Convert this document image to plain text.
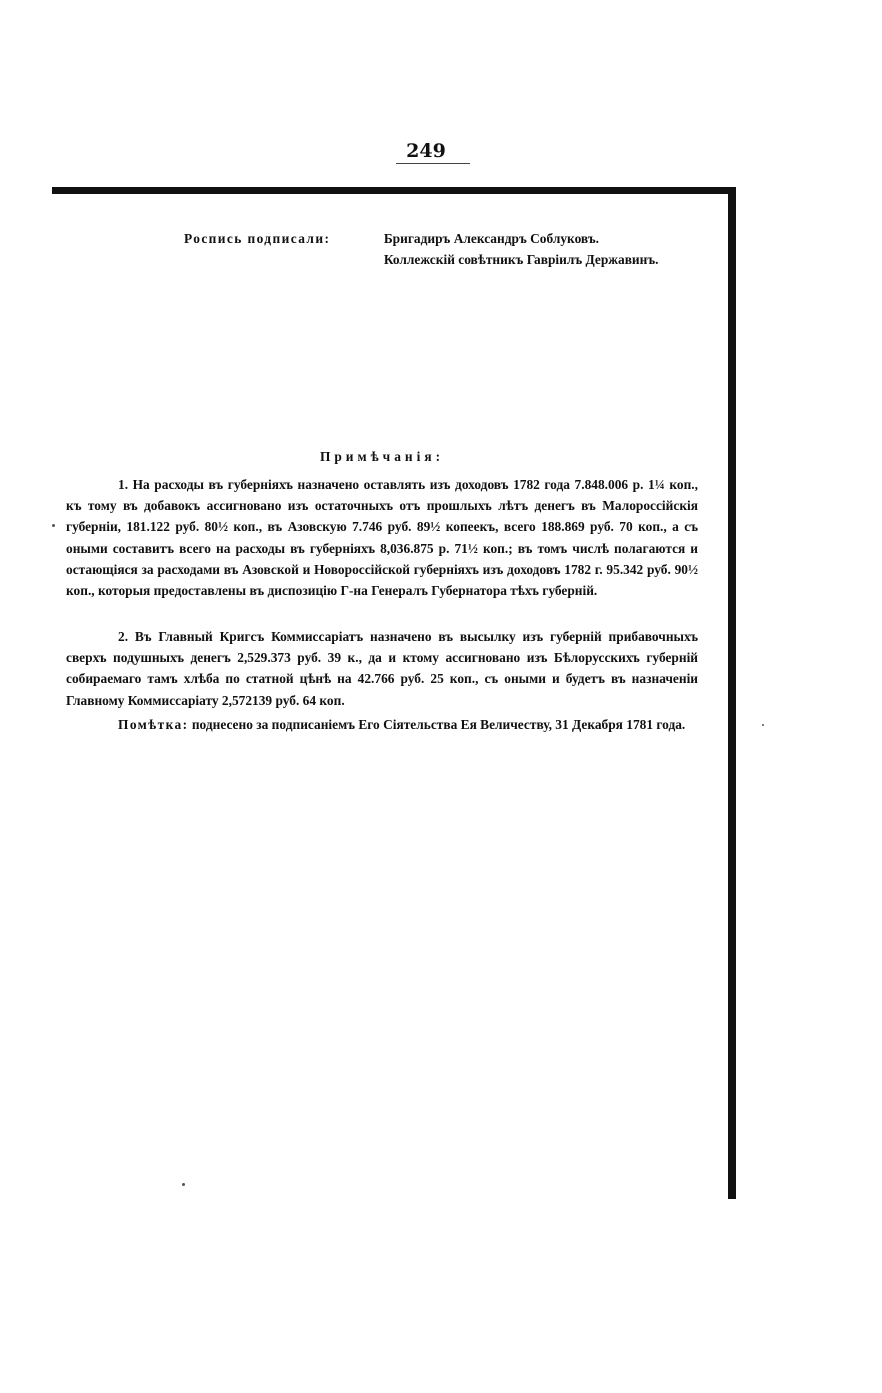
249
Роспись подписали:	Бригадиръ Александръ Соблуковъ.
Коллежскій совѣтникъ Гавріилъ Державинъ.
Примѣчанія:

1. На расходы въ губерніяхъ назначено оставлять изъ доходовъ 1782 года 7.848.006 р. 1¼ коп., къ тому въ добавокъ ассигновано изъ остаточныхъ отъ прошлыхъ лѣтъ денегъ въ Малороссійскія губерніи, 181.122 руб. 80½ коп., въ Азовскую 7.746 руб. 89½ копеекъ, всего 188.869 руб. 70 коп., а съ оными составитъ всего на расходы въ губерніяхъ 8,036.875 р. 71½ коп.; въ томъ числѣ полагаются и остающіяся за расходами въ Азовской и Новороссійской губерніяхъ изъ доходовъ 1782 г. 95.342 руб. 90½ коп., которыя предоставлены въ диспозицію Г-на Генералъ Губернатора тѣхъ губерній.

2. Въ Главный Кригсъ Коммиссаріатъ назначено въ высылку изъ губерній прибавочныхъ сверхъ подушныхъ денегъ 2,529.373 руб. 39 к., да и ктому ассигновано изъ Бѣлорусскихъ губерній собираемаго тамъ хлѣба по статной цѣнѣ на 42.766 руб. 25 коп., съ оными и будетъ въ назначеніи Главному Коммиссаріату 2,572139 руб. 64 коп.

Помѣтка: поднесено за подписаніемъ Его Сіятельства Ея Величеству, 31 Декабря 1781 года.
